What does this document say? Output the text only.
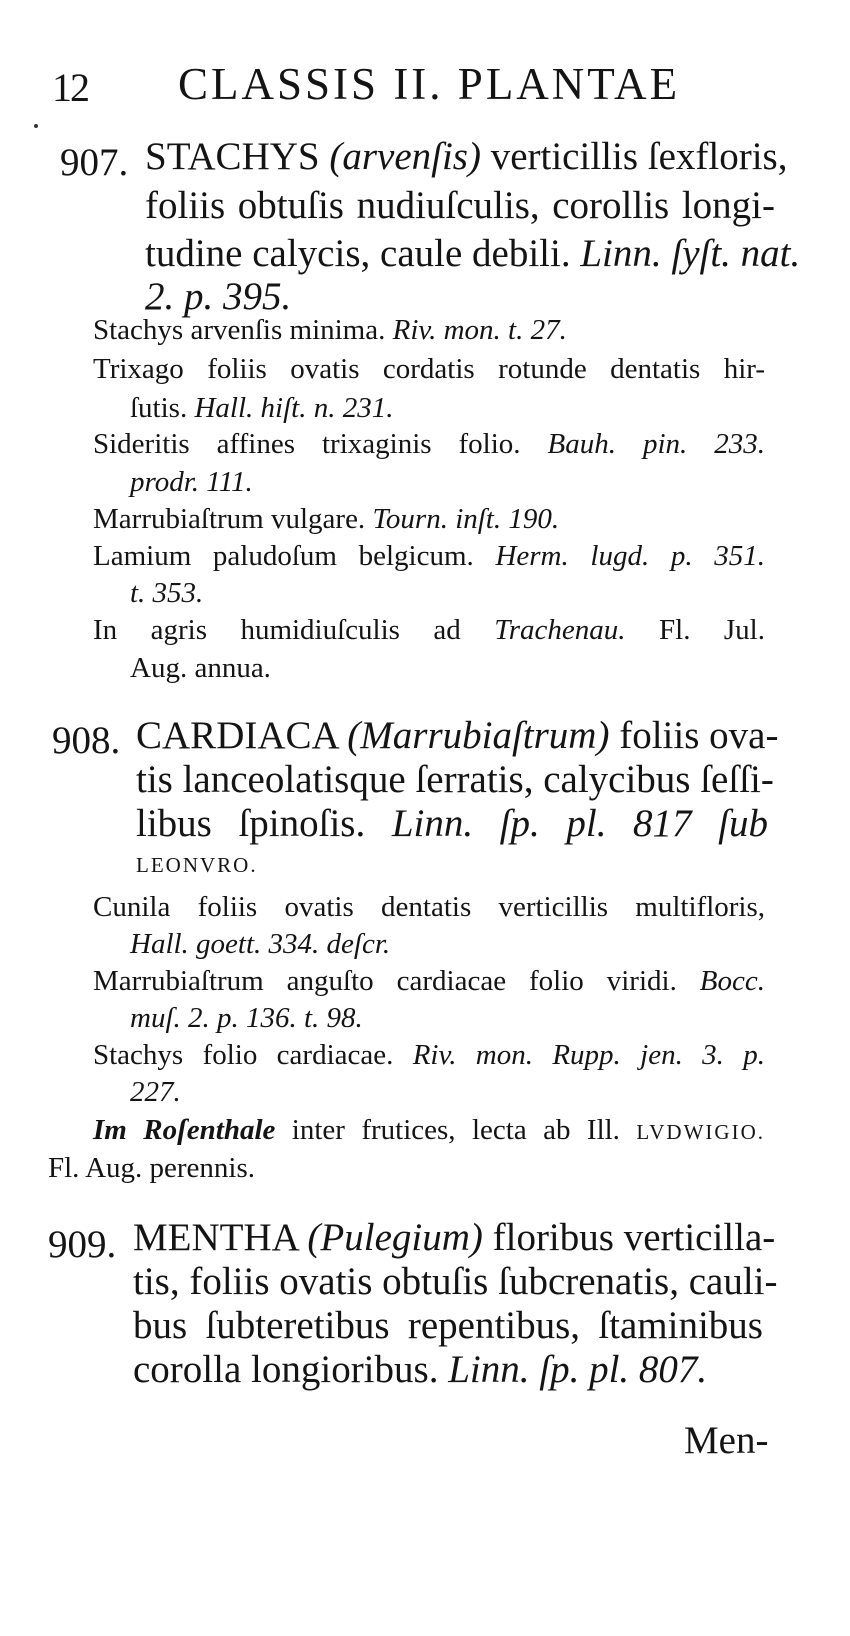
12 CLASSIS II. PLANTAE
907. STACHYS (arvenſis) verticillis ſexfloris,
foliis obtuſis nudiuſculis, corollis longi-
tudine calycis, caule debili. Linn. ſyſt. nat.
2. p. 395.
Stachys arvenſis minima. Riv. mon. t. 27.
Trixago foliis ovatis cordatis rotunde dentatis hir-
ſutis. Hall. hiſt. n. 231.
Sideritis affines trixaginis folio. Bauh. pin. 233.
prodr. 111.
Marrubiaſtrum vulgare. Tourn. inſt. 190.
Lamium paludoſum belgicum. Herm. lugd. p. 351.
t. 353.
In agris humidiuſculis ad Trachenau. Fl. Jul.
Aug. annua.
908. CARDIACA (Marrubiaſtrum) foliis ova-
tis lanceolatisque ſerratis, calycibus ſeſſi-
libus ſpinoſis. Linn. ſp. pl. 817 ſub
LEONVRO.
Cunila foliis ovatis dentatis verticillis multifloris,
Hall. goett. 334. deſcr.
Marrubiaſtrum anguſto cardiacae folio viridi. Bocc.
muſ. 2. p. 136. t. 98.
Stachys folio cardiacae. Riv. mon. Rupp. jen. 3. p.
227.
Im Roſenthale inter frutices, lecta ab Ill. LVDWIGIO.
Fl. Aug. perennis.
909. MENTHA (Pulegium) floribus verticilla-
tis, foliis ovatis obtuſis ſubcrenatis, cauli-
bus ſubteretibus repentibus, ſtaminibus
corolla longioribus. Linn. ſp. pl. 807.
Men-
